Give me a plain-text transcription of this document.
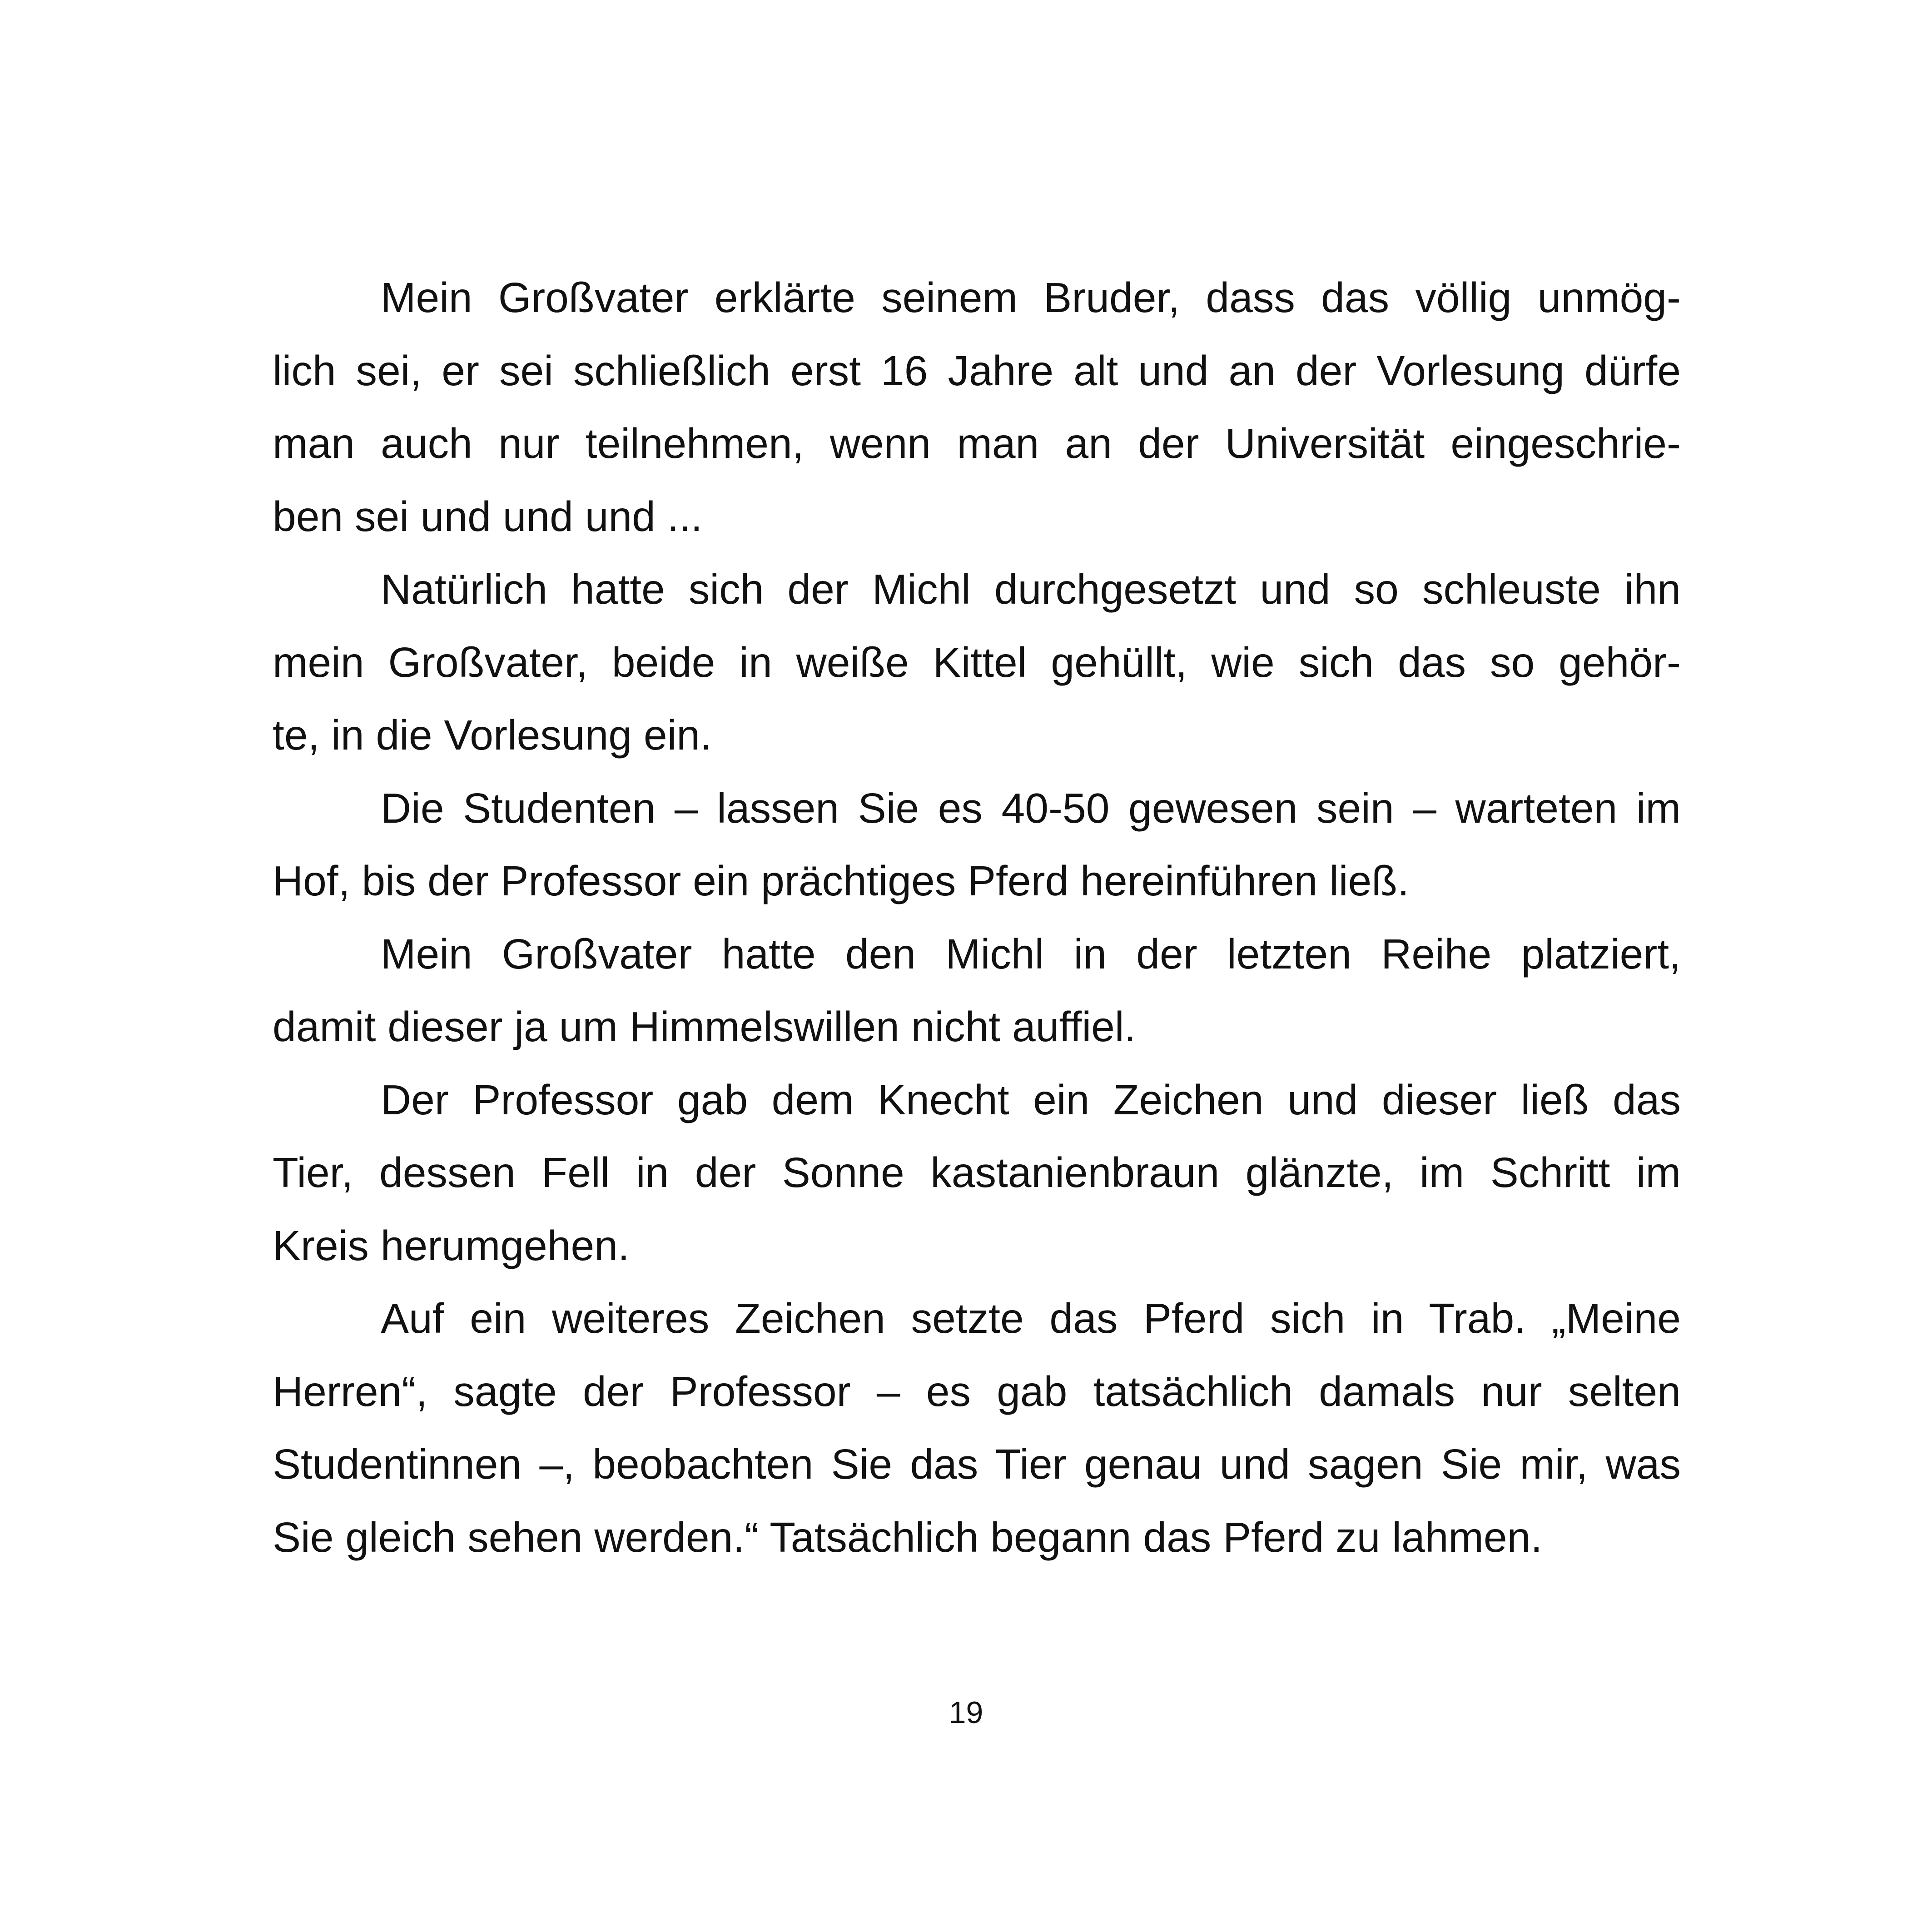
Mein Großvater erklärte seinem Bruder, dass das völlig unmög-
lich sei, er sei schließlich erst 16 Jahre alt und an der Vorlesung dürfe
man auch nur teilnehmen, wenn man an der Universität eingeschrie-
ben sei und und und ...
Natürlich hatte sich der Michl durchgesetzt und so schleuste ihn
mein Großvater, beide in weiße Kittel gehüllt, wie sich das so gehör-
te, in die Vorlesung ein.
Die Studenten – lassen Sie es 40-50 gewesen sein – warteten im
Hof, bis der Professor ein prächtiges Pferd hereinführen ließ.
Mein Großvater hatte den Michl in der letzten Reihe platziert,
damit dieser ja um Himmelswillen nicht auffiel.
Der Professor gab dem Knecht ein Zeichen und dieser ließ das
Tier, dessen Fell in der Sonne kastanienbraun glänzte, im Schritt im
Kreis herumgehen.
Auf ein weiteres Zeichen setzte das Pferd sich in Trab. „Meine
Herren“, sagte der Professor – es gab tatsächlich damals nur selten
Studentinnen –, beobachten Sie das Tier genau und sagen Sie mir, was
Sie gleich sehen werden.“ Tatsächlich begann das Pferd zu lahmen.
19
